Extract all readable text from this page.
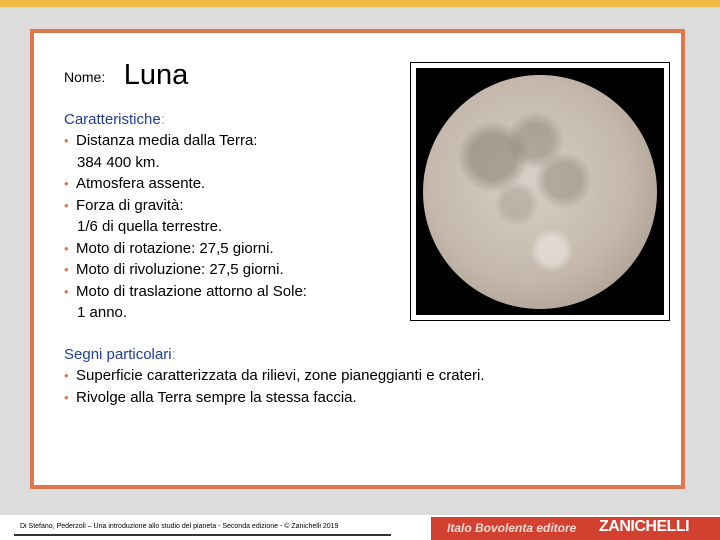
Nome: Luna
Caratteristiche:
• Distanza media dalla Terra:
384 400 km.
• Atmosfera assente.
• Forza di gravità:
1/6 di quella terrestre.
• Moto di rotazione: 27,5 giorni.
• Moto di rivoluzione: 27,5 giorni.
• Moto di traslazione attorno al Sole:
1 anno.
Segni particolari:
• Superficie caratterizzata da rilievi, zone pianeggianti e crateri.
• Rivolge alla Terra sempre la stessa faccia.
Di Stefano, Pederzoli – Una introduzione allo studio del pianeta - Seconda edizione - © Zanichelli 2019	Italo Bovolenta editore ZANICHELLI
